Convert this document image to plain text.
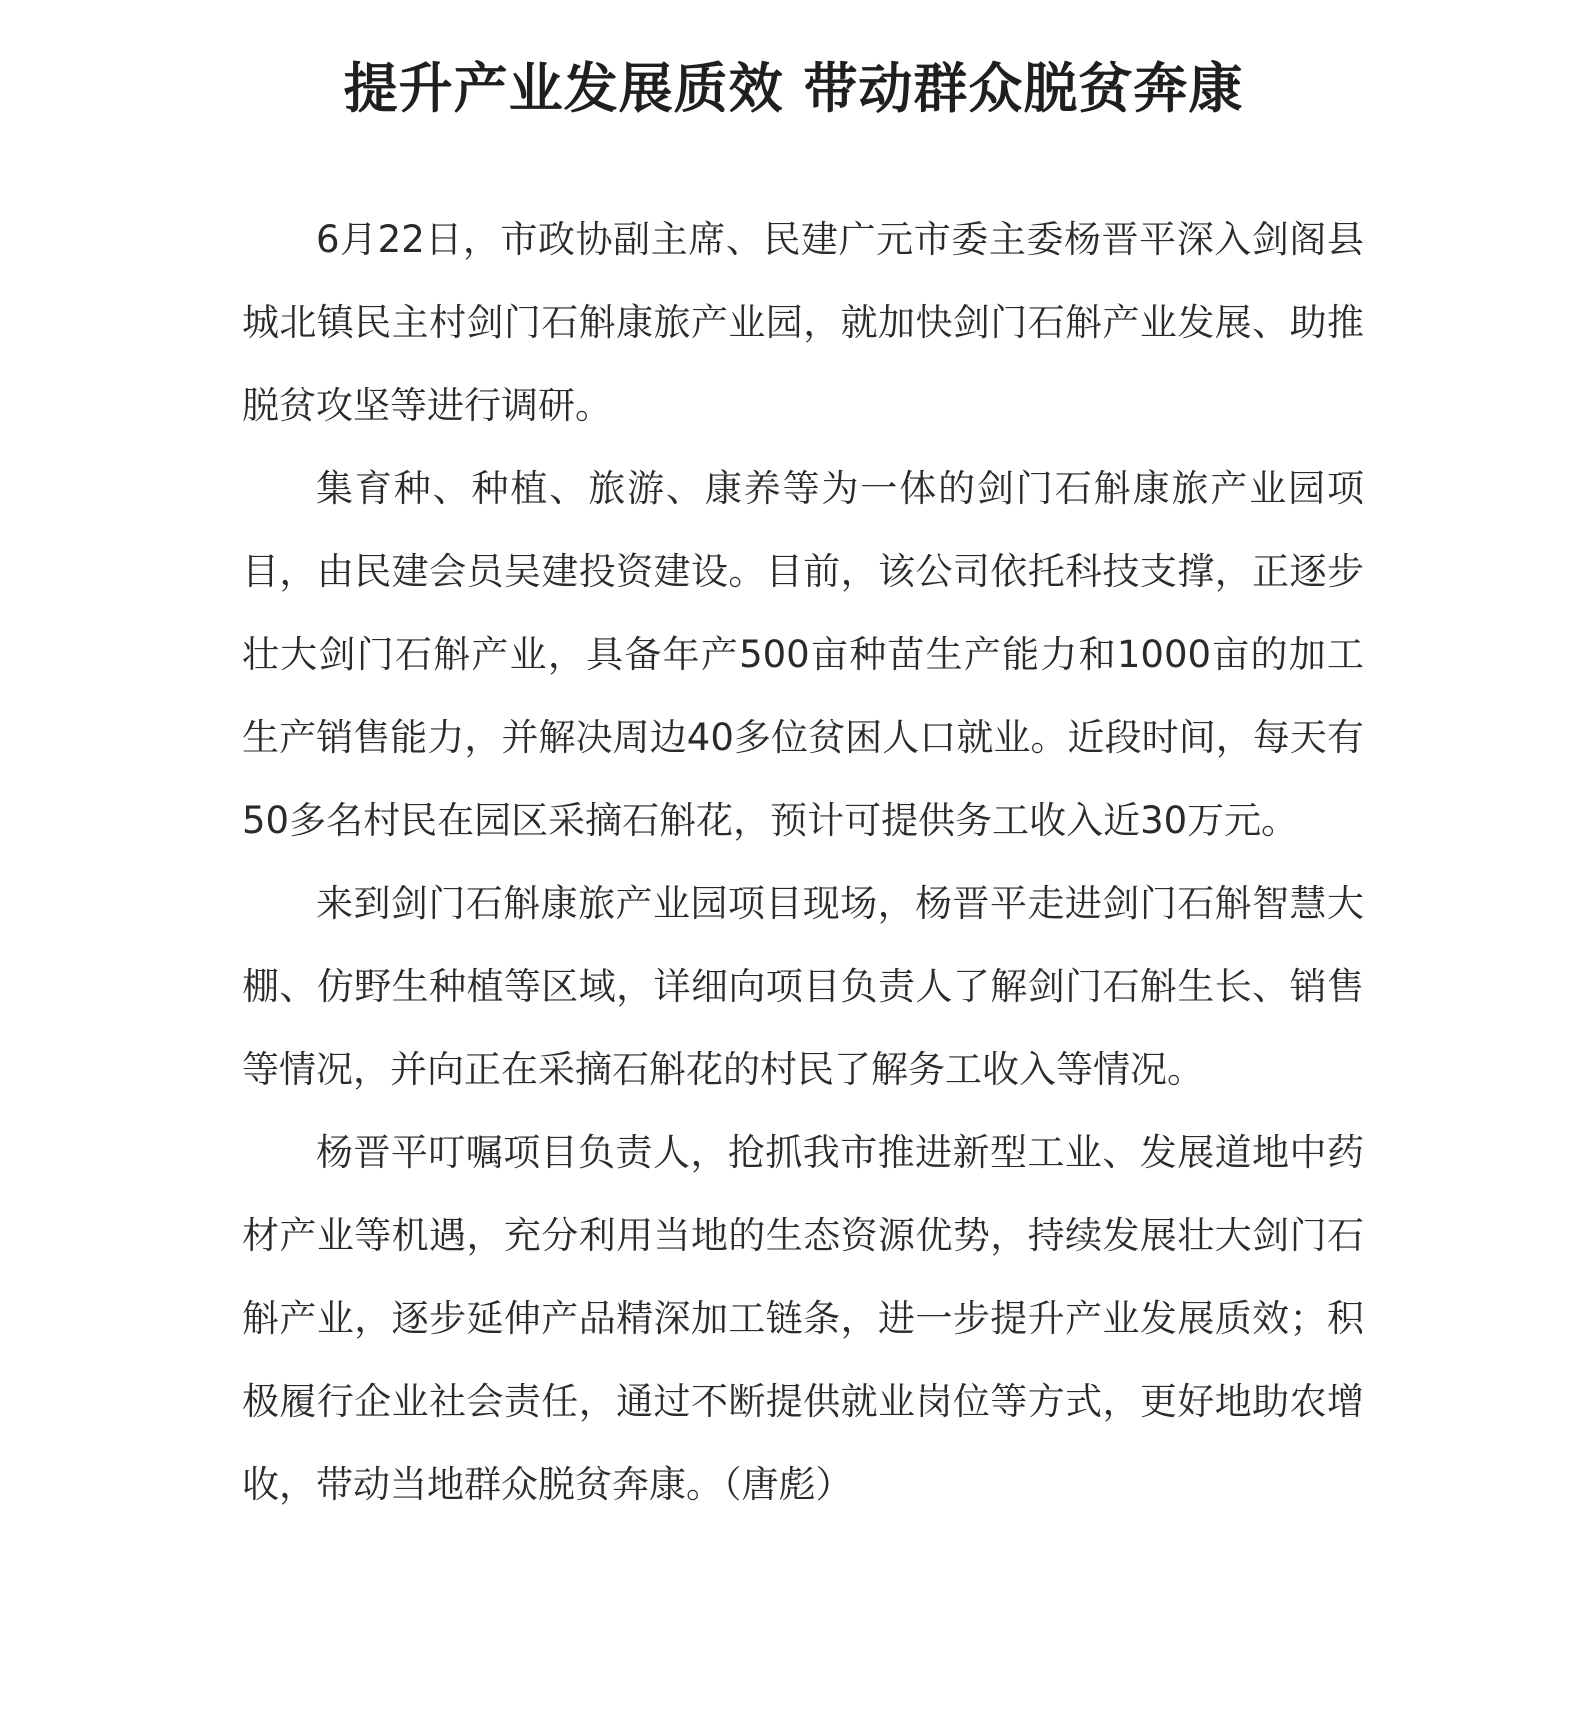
提升产业发展质效 带动群众脱贫奔康

6月22日，市政协副主席、民建广元市委主委杨晋平深入剑阁县城北镇民主村剑门石斛康旅产业园，就加快剑门石斛产业发展、助推脱贫攻坚等进行调研。

集育种、种植、旅游、康养等为一体的剑门石斛康旅产业园项目，由民建会员吴建投资建设。目前，该公司依托科技支撑，正逐步壮大剑门石斛产业，具备年产500亩种苗生产能力和1000亩的加工生产销售能力，并解决周边40多位贫困人口就业。近段时间，每天有50多名村民在园区采摘石斛花，预计可提供务工收入近30万元。

来到剑门石斛康旅产业园项目现场，杨晋平走进剑门石斛智慧大棚、仿野生种植等区域，详细向项目负责人了解剑门石斛生长、销售等情况，并向正在采摘石斛花的村民了解务工收入等情况。

杨晋平叮嘱项目负责人，抢抓我市推进新型工业、发展道地中药材产业等机遇，充分利用当地的生态资源优势，持续发展壮大剑门石斛产业，逐步延伸产品精深加工链条，进一步提升产业发展质效；积极履行企业社会责任，通过不断提供就业岗位等方式，更好地助农增收，带动当地群众脱贫奔康。（唐彪）
